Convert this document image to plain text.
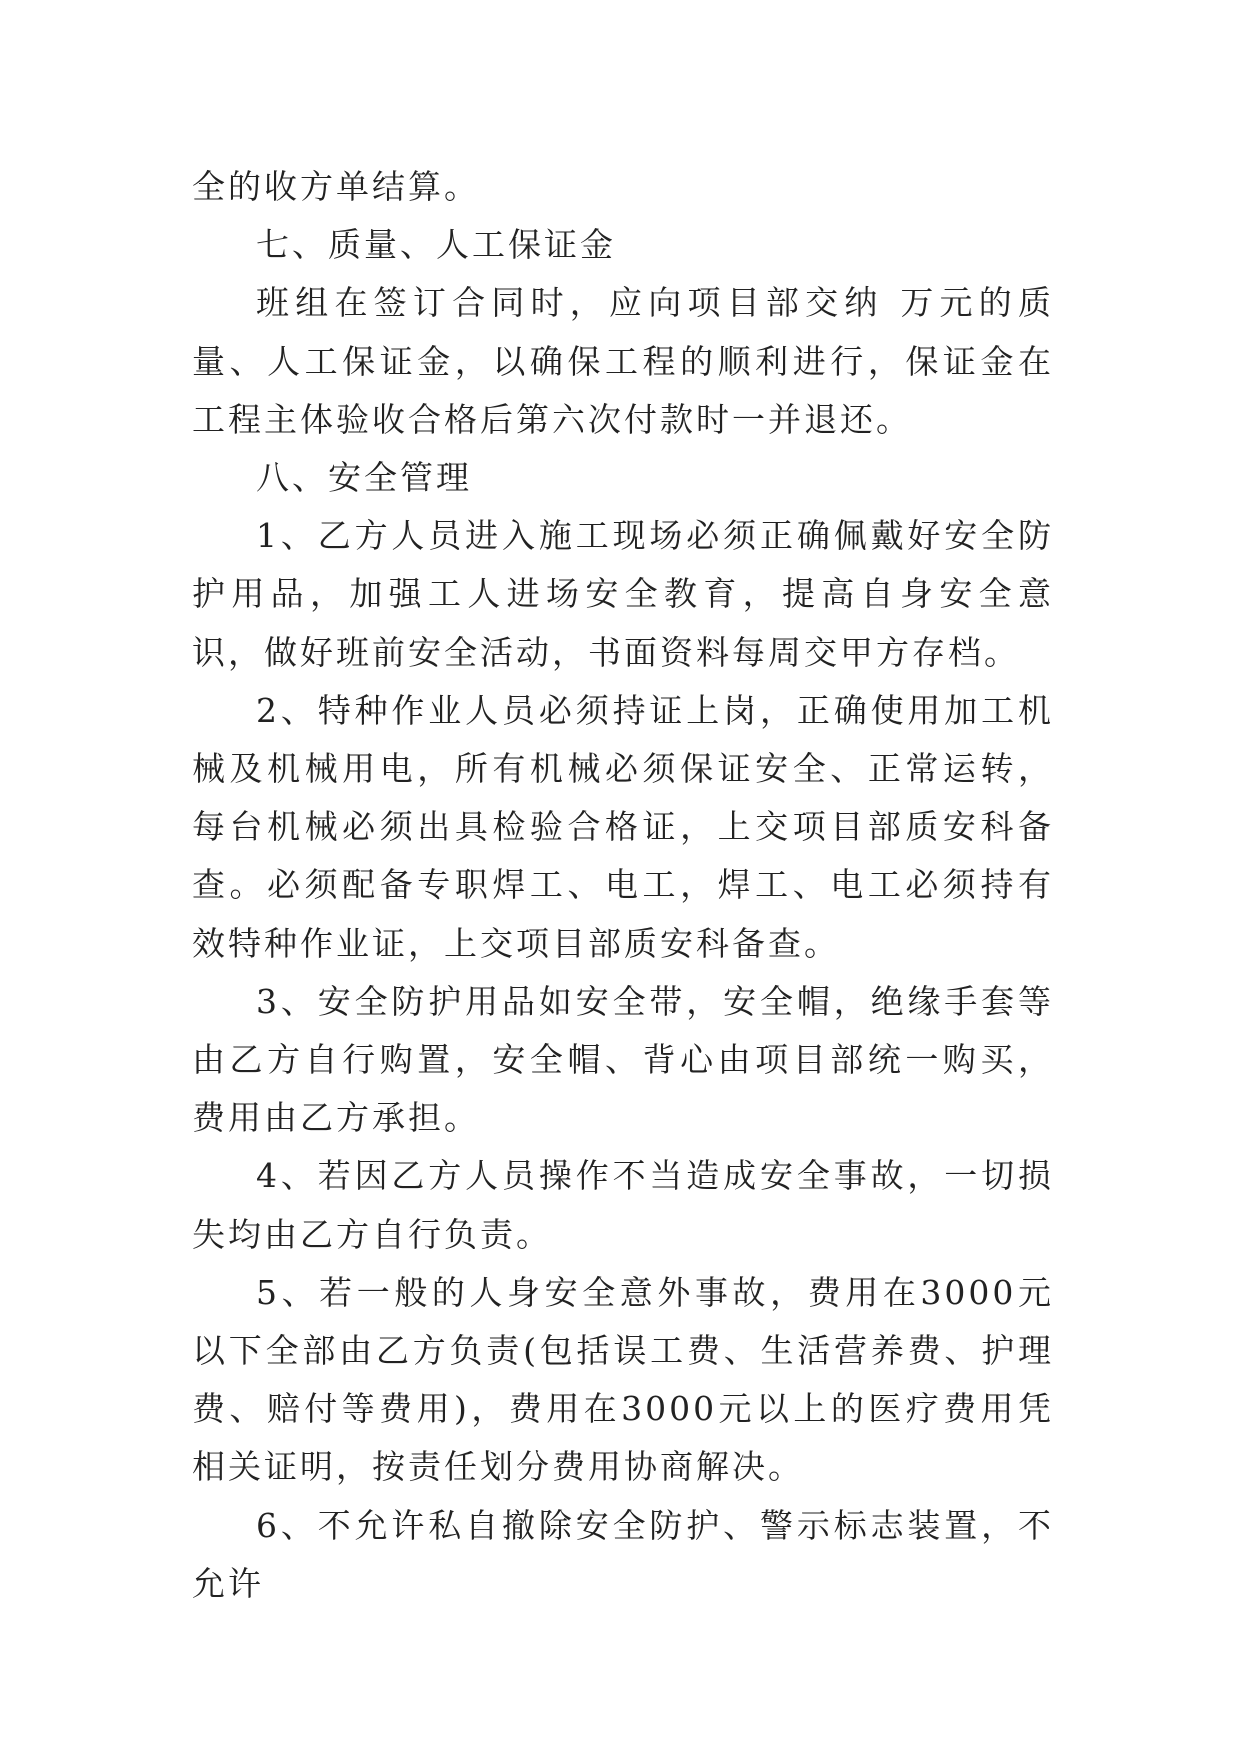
全的收方单结算。

七、质量、人工保证金

班组在签订合同时，应向项目部交纳 万元的质量、人工保证金，以确保工程的顺利进行，保证金在工程主体验收合格后第六次付款时一并退还。

八、安全管理

1、乙方人员进入施工现场必须正确佩戴好安全防护用品，加强工人进场安全教育，提高自身安全意识，做好班前安全活动，书面资料每周交甲方存档。

2、特种作业人员必须持证上岗，正确使用加工机械及机械用电，所有机械必须保证安全、正常运转，每台机械必须出具检验合格证，上交项目部质安科备查。必须配备专职焊工、电工，焊工、电工必须持有效特种作业证，上交项目部质安科备查。

3、安全防护用品如安全带，安全帽，绝缘手套等由乙方自行购置，安全帽、背心由项目部统一购买，费用由乙方承担。

4、若因乙方人员操作不当造成安全事故，一切损失均由乙方自行负责。

5、若一般的人身安全意外事故，费用在3000元以下全部由乙方负责(包括误工费、生活营养费、护理费、赔付等费用)，费用在3000元以上的医疗费用凭相关证明，按责任划分费用协商解决。

6、不允许私自撤除安全防护、警示标志装置，不允许
